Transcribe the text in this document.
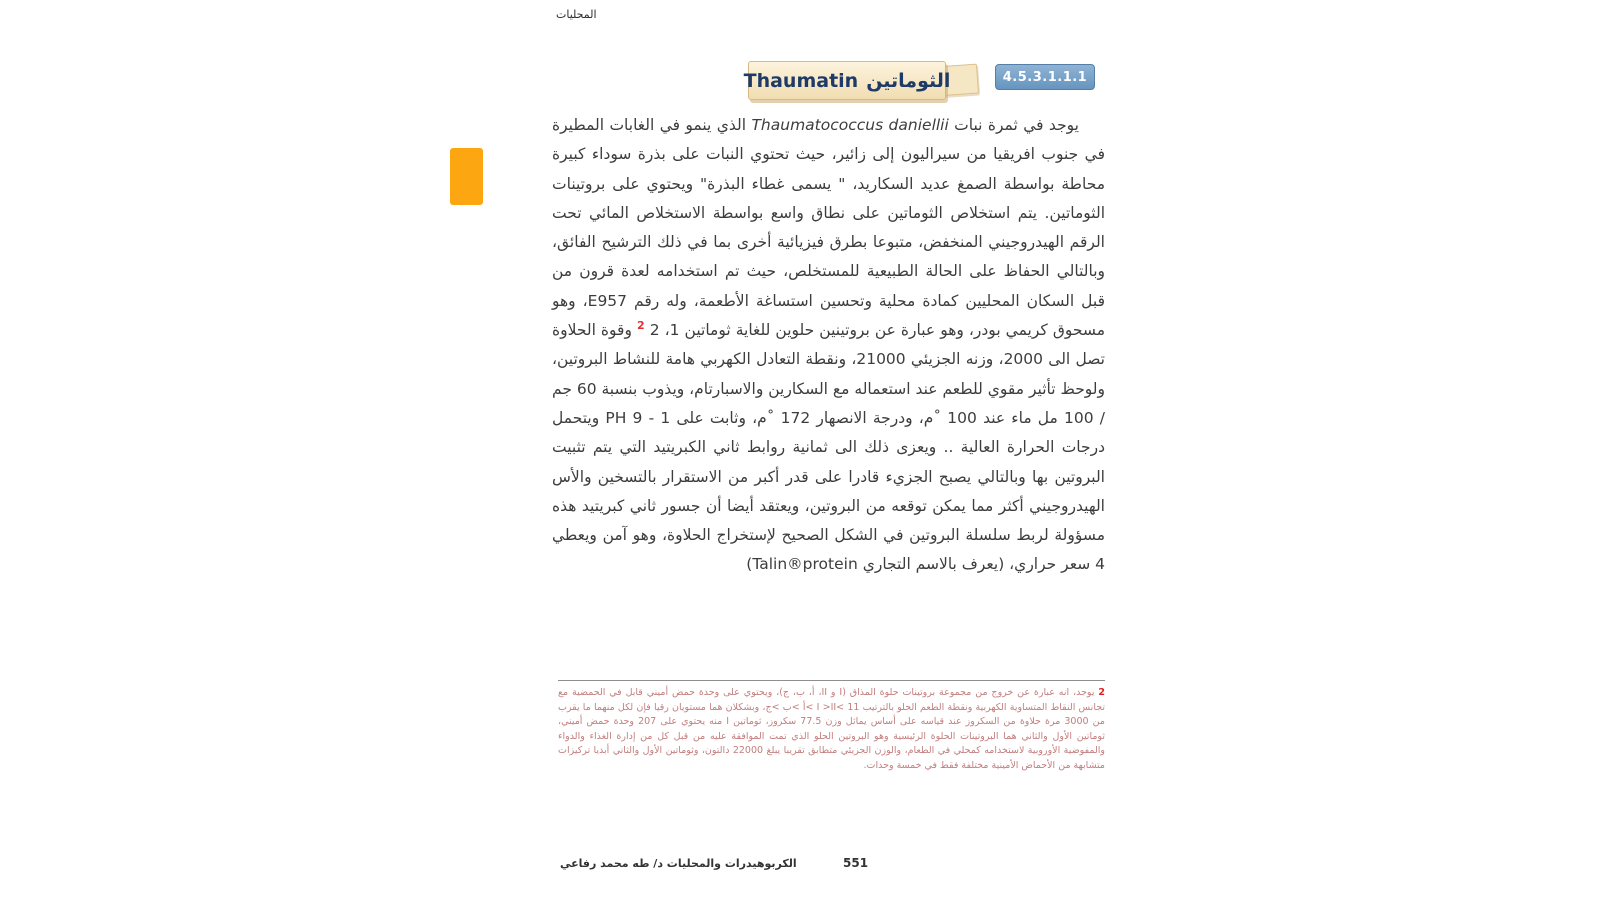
المحليات
Thaumatin الثوماتين	4.5.3.1.1.1

يوجد في ثمرة نبات Thaumatococcus daniellii الذي ينمو في الغابات المطيرة في جنوب افريقيا من سيراليون إلى زائير، حيث تحتوي النبات على بذرة سوداء كبيرة محاطة بواسطة الصمغ عديد السكاريد، " يسمى غطاء البذرة" ويحتوي على بروتينات الثوماتين. يتم استخلاص الثوماتين على نطاق واسع بواسطة الاستخلاص المائي تحت الرقم الهيدروجيني المنخفض، متبوعا بطرق فيزيائية أخرى بما في ذلك الترشيح الفائق، وبالتالي الحفاظ على الحالة الطبيعية للمستخلص، حيث تم استخدامه لعدة قرون من قبل السكان المحليين كمادة محلية وتحسين استساغة الأطعمة، وله رقم E957، وهو مسحوق كريمي بودر، وهو عبارة عن بروتينين حلوين للغاية ثوماتين 1، 2 $^2$ وقوة الحلاوة تصل الى 2000، وزنه الجزيئي 21000، ونقطة التعادل الكهربي هامة للنشاط البروتين، ولوحظ تأثير مقوي للطعم عند استعماله مع السكارين والاسبارتام، ويذوب بنسبة 60 جم / 100 مل ماء عند 100 ˚م، ودرجة الانصهار 172 ˚م، وثابت على PH 9 - 1 ويتحمل درجات الحرارة العالية .. ويعزى ذلك الى ثمانية روابط ثاني الكبريتيد التي يتم تثبيت البروتين بها وبالتالي يصبح الجزيء قادرا على قدر أكبر من الاستقرار بالتسخين والأس الهيدروجيني أكثر مما يمكن توقعه من البروتين، ويعتقد أيضا أن جسور ثاني كبريتيد هذه مسؤولة لربط سلسلة البروتين في الشكل الصحيح لإستخراج الحلاوة، وهو آمن ويعطي 4 سعر حراري، (يعرف بالاسم التجاري Talin®protein)

2 يوجد، انه عبارة عن خروج من مجموعة بروتينات حلوة المذاق (I و II، أ، ب، ج)، ويحتوي على وحدة حمض أميني قابل في الحمضية مع تجانس النقاط المتساوية الكهربية ونقطة الطعم الحلو بالترتيب 11 >I >II >أ >ب >ج، وبشكلان هما مستويان رقيا فإن لكل منهما ما يقرب من 3000 مرة حلاوة من السكروز عند قياسه على أساس يماثل وزن 77.5 سكروز، ثوماتين I منه يحتوي على 207 وحدة حمض أميني، ثوماتين الأول والثاني هما البروتينات الحلوة الرئيسية وهو البروتين الحلو الذي تمت الموافقة عليه من قبل كل من إدارة الغذاء والدواء والمفوضية الأوروبية لاستخدامه كمحلي في الطعام، والوزن الجزيئي متطابق تقريبا يبلغ 22000 دالتون، وثوماتين الأول والثاني أبديا تركيزات متشابهة من الأحماض الأمينية مختلفة فقط في خمسة وحدات.
الكربوهيدرات والمحليات د/ طه محمد رفاعي	551
